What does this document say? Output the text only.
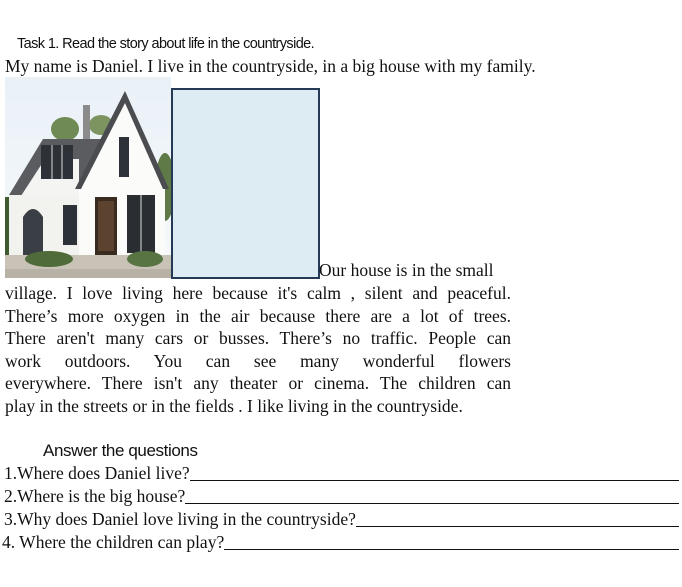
Task 1. Read the story about life in the countryside.
My name is Daniel. I live in the countryside, in a big house with my family.
Our house is in the small
village. I love living here because it's calm , silent and peaceful.
There’s more oxygen in the air because there are a lot of trees.
There aren't many cars or busses. There’s no traffic. People can
work outdoors. You can see many wonderful flowers
everywhere. There isn't any theater or cinema. The children can
play in the streets or in the fields . I like living in the countryside.
Answer the questions
1.Where does Daniel live?
2.Where is the big house?
3.Why does Daniel love living in the countryside?
4. Where the children can play?
